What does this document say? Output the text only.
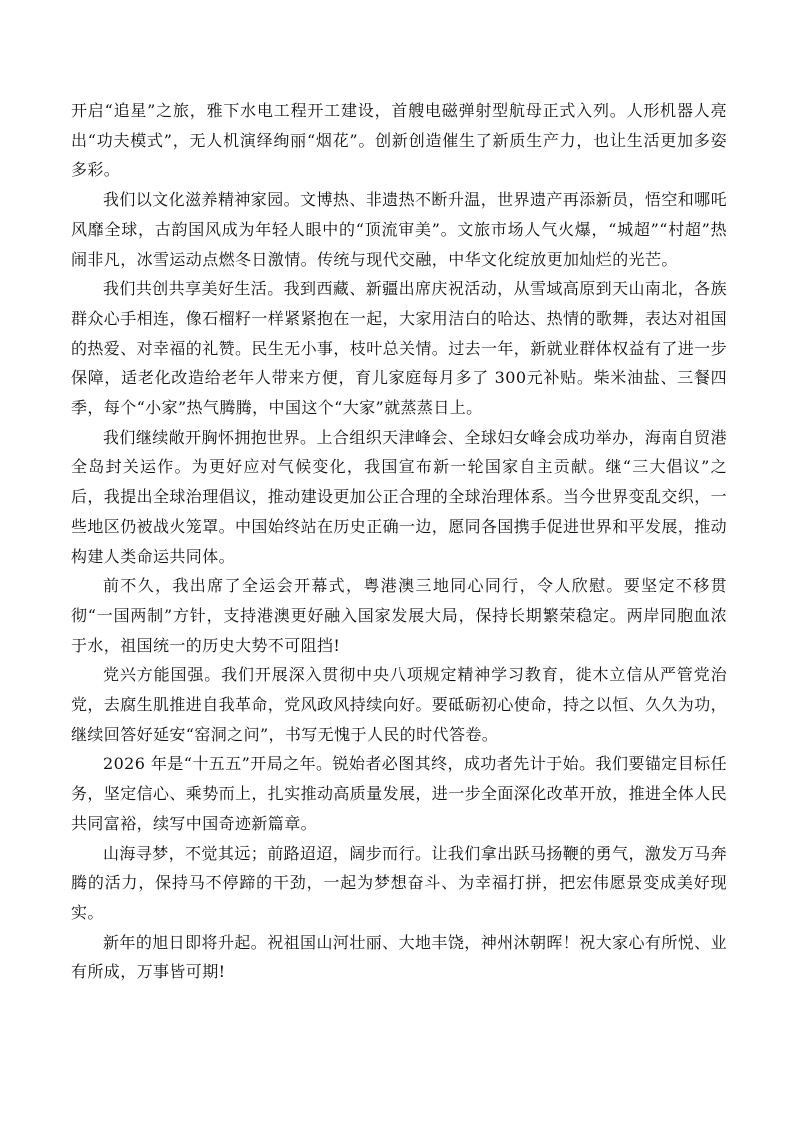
开启“追星”之旅，雅下水电工程开工建设，首艘电磁弹射型航母正式入列。人形机器人亮出“功夫模式”，无人机演绎绚丽“烟花”。创新创造催生了新质生产力，也让生活更加多姿多彩。

我们以文化滋养精神家园。文博热、非遗热不断升温，世界遗产再添新员，悟空和哪吒风靡全球，古韵国风成为年轻人眼中的“顶流审美”。文旅市场人气火爆，“城超”“村超”热闹非凡，冰雪运动点燃冬日激情。传统与现代交融，中华文化绽放更加灿烂的光芒。

我们共创共享美好生活。我到西藏、新疆出席庆祝活动，从雪域高原到天山南北，各族群众心手相连，像石榴籽一样紧紧抱在一起，大家用洁白的哈达、热情的歌舞，表达对祖国的热爱、对幸福的礼赞。民生无小事，枝叶总关情。过去一年，新就业群体权益有了进一步保障，适老化改造给老年人带来方便，育儿家庭每月多了 300元补贴。柴米油盐、三餐四季，每个“小家”热气腾腾，中国这个“大家”就蒸蒸日上。

我们继续敞开胸怀拥抱世界。上合组织天津峰会、全球妇女峰会成功举办，海南自贸港全岛封关运作。为更好应对气候变化，我国宣布新一轮国家自主贡献。继“三大倡议”之后，我提出全球治理倡议，推动建设更加公正合理的全球治理体系。当今世界变乱交织，一些地区仍被战火笼罩。中国始终站在历史正确一边，愿同各国携手促进世界和平发展，推动构建人类命运共同体。

前不久，我出席了全运会开幕式，粤港澳三地同心同行，令人欣慰。要坚定不移贯彻“一国两制”方针，支持港澳更好融入国家发展大局，保持长期繁荣稳定。两岸同胞血浓于水，祖国统一的历史大势不可阻挡!

党兴方能国强。我们开展深入贯彻中央八项规定精神学习教育，徙木立信从严管党治党，去腐生肌推进自我革命，党风政风持续向好。要砥砺初心使命，持之以恒、久久为功，继续回答好延安“窑洞之问”，书写无愧于人民的时代答卷。

2026 年是“十五五”开局之年。锐始者必图其终，成功者先计于始。我们要锚定目标任务，坚定信心、乘势而上，扎实推动高质量发展，进一步全面深化改革开放，推进全体人民共同富裕，续写中国奇迹新篇章。

山海寻梦，不觉其远；前路迢迢，阔步而行。让我们拿出跃马扬鞭的勇气，激发万马奔腾的活力，保持马不停蹄的干劲，一起为梦想奋斗、为幸福打拼，把宏伟愿景变成美好现实。

新年的旭日即将升起。祝祖国山河壮丽、大地丰饶，神州沐朝晖！祝大家心有所悦、业有所成，万事皆可期!
